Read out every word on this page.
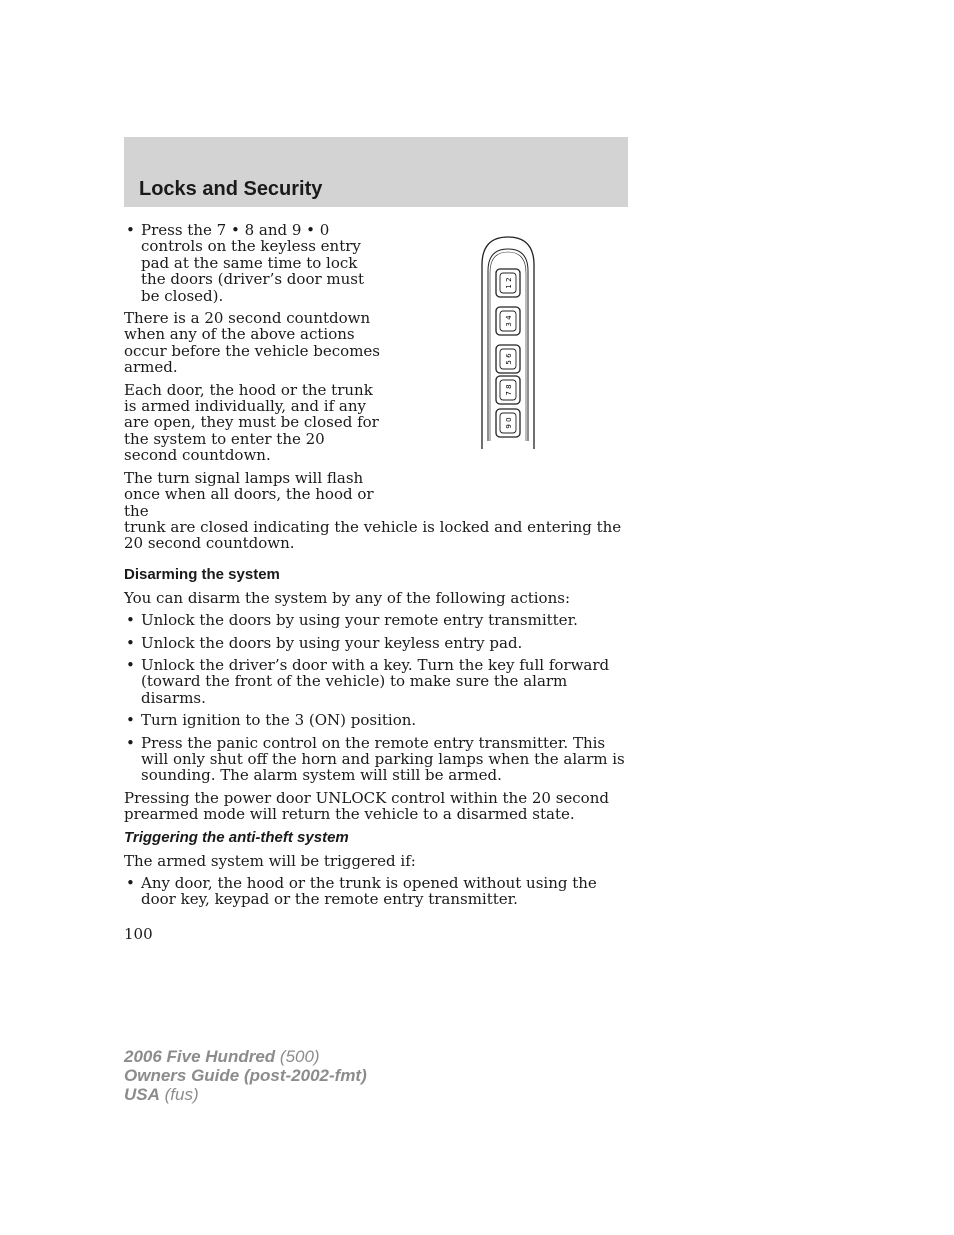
Locks and Security
1 2
3 4
5 6
7 8
9 0
• Press the 7 • 8 and 9 • 0 controls on the keyless entry pad at the same time to lock the doors (driver’s door must be closed).

There is a 20 second countdown when any of the above actions occur before the vehicle becomes armed.

Each door, the hood or the trunk is armed individually, and if any are open, they must be closed for the system to enter the 20 second countdown.

The turn signal lamps will flash once when all doors, the hood or the
trunk are closed indicating the vehicle is locked and entering the 20 second countdown.

Disarming the system

You can disarm the system by any of the following actions:

• Unlock the doors by using your remote entry transmitter.
• Unlock the doors by using your keyless entry pad.
• Unlock the driver’s door with a key. Turn the key full forward (toward the front of the vehicle) to make sure the alarm disarms.
• Turn ignition to the 3 (ON) position.
• Press the panic control on the remote entry transmitter. This will only shut off the horn and parking lamps when the alarm is sounding. The alarm system will still be armed.

Pressing the power door UNLOCK control within the 20 second prearmed mode will return the vehicle to a disarmed state.

Triggering the anti-theft system

The armed system will be triggered if:

• Any door, the hood or the trunk is opened without using the door key, keypad or the remote entry transmitter.
100
2006 Five Hundred (500)
Owners Guide (post-2002-fmt)
USA (fus)
